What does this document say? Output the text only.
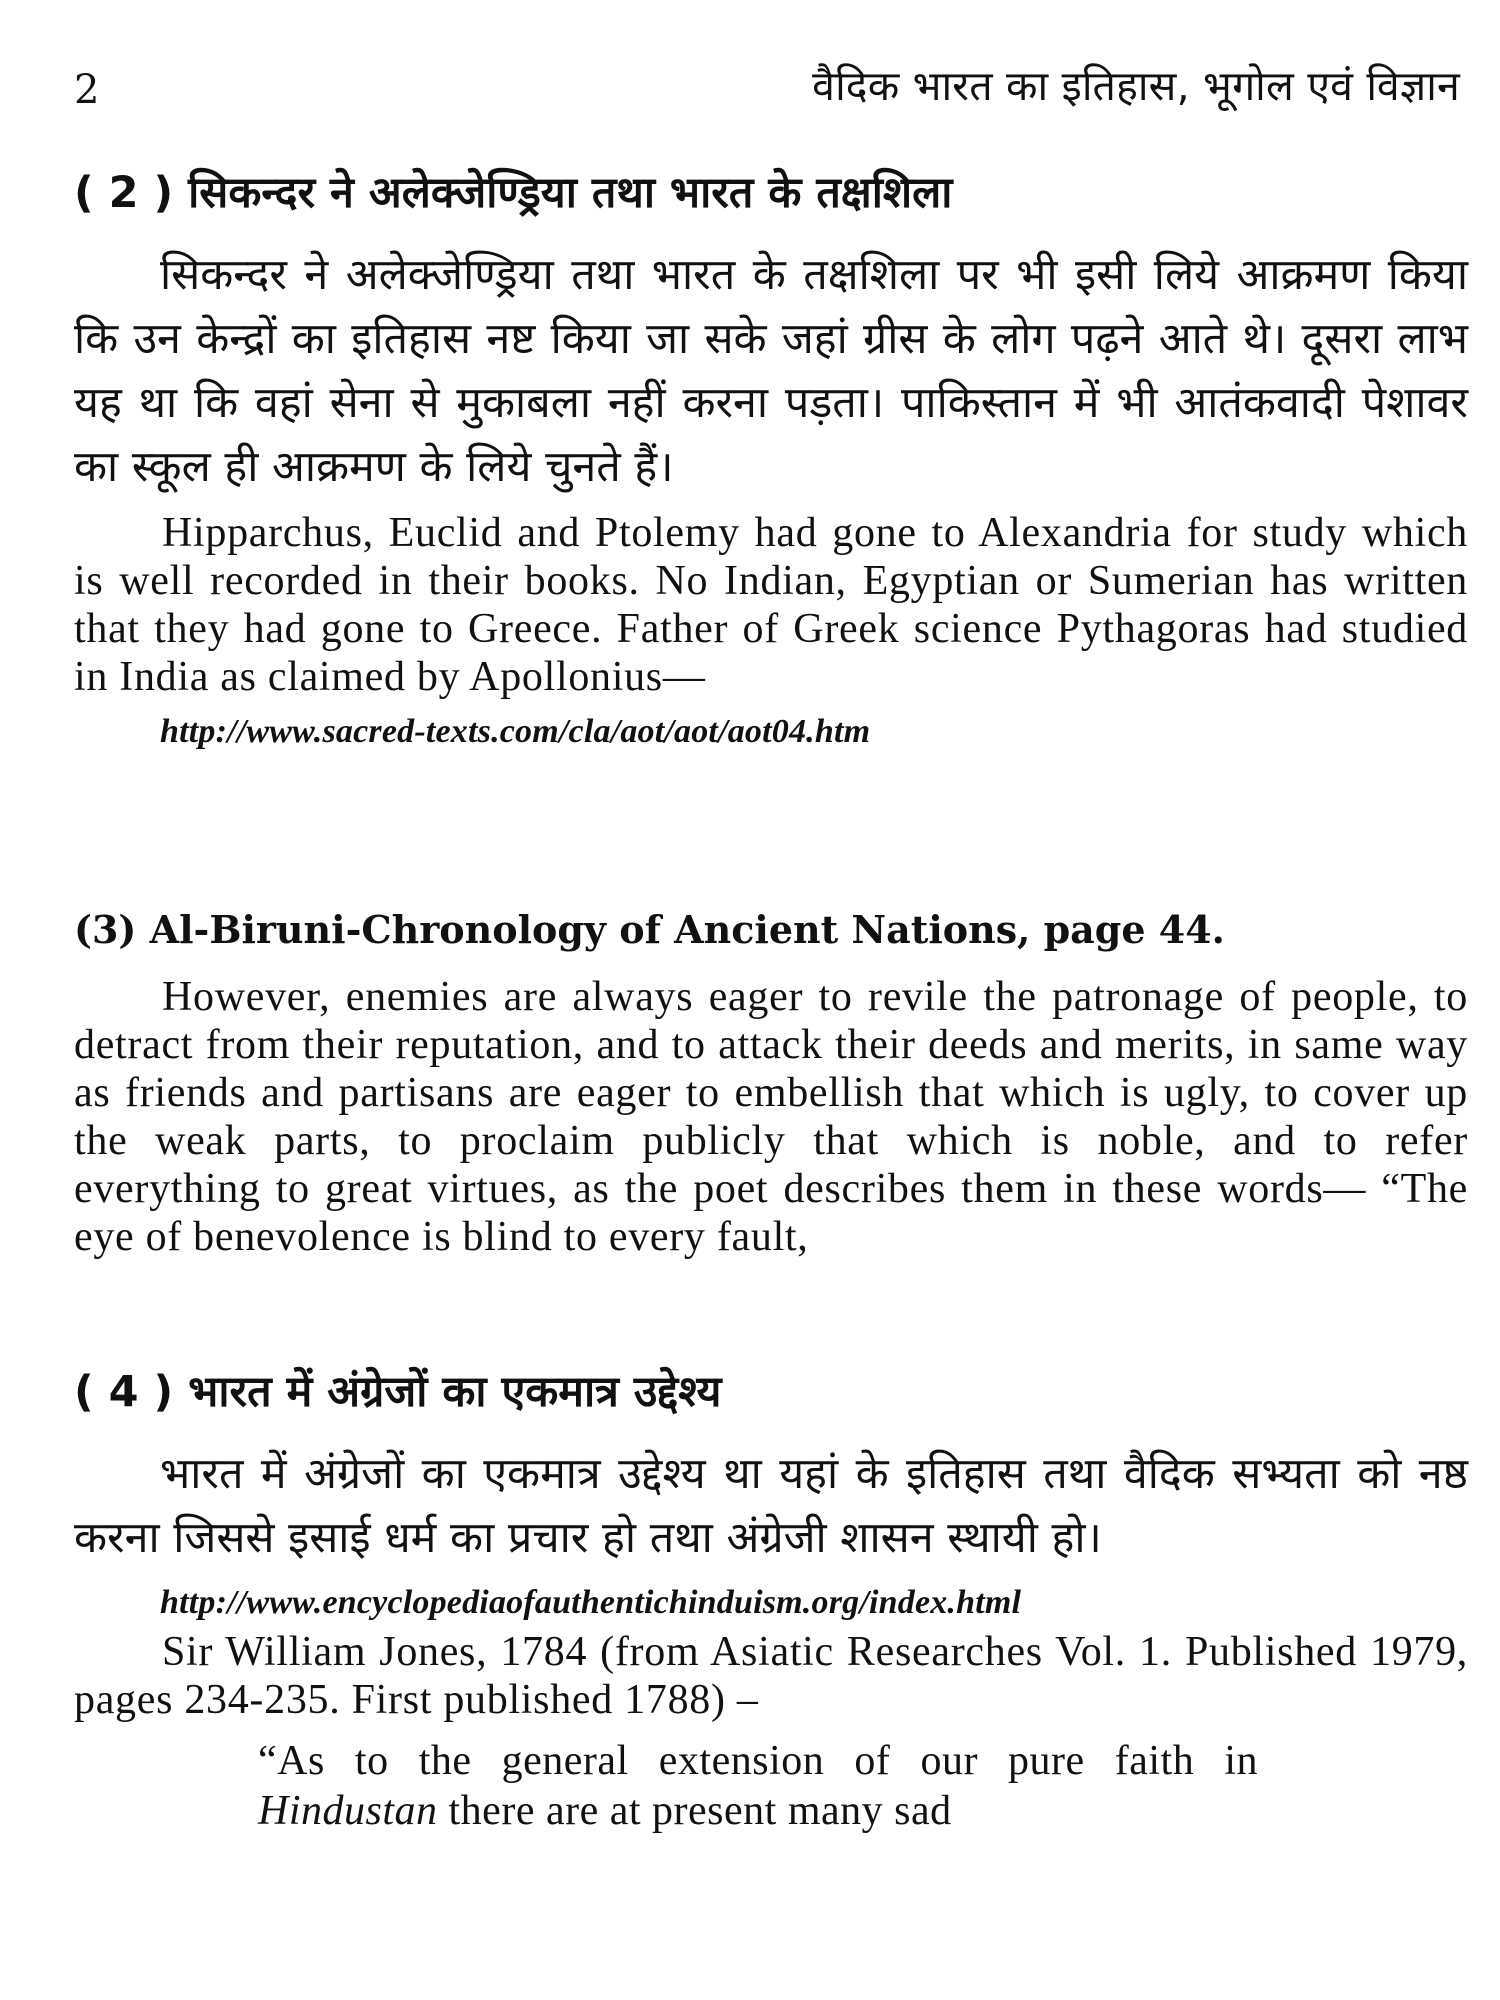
2	वैदिक भारत का इतिहास, भूगोल एवं विज्ञान
( 2 ) सिकन्दर ने अलेक्जेण्ड्रिया तथा भारत के तक्षशिला

सिकन्दर ने अलेक्जेण्ड्रिया तथा भारत के तक्षशिला पर भी इसी लिये आक्रमण किया कि उन केन्द्रों का इतिहास नष्ट किया जा सके जहां ग्रीस के लोग पढ़ने आते थे। दूसरा लाभ यह था कि वहां सेना से मुकाबला नहीं करना पड़ता। पाकिस्तान में भी आतंकवादी पेशावर का स्कूल ही आक्रमण के लिये चुनते हैं।

Hipparchus, Euclid and Ptolemy had gone to Alexandria for study which is well recorded in their books. No Indian, Egyptian or Sumerian has written that they had gone to Greece. Father of Greek science Pythagoras had studied in India as claimed by Apollonius—

http://www.sacred-texts.com/cla/aot/aot/aot04.htm
(3) Al-Biruni-Chronology of Ancient Nations, page 44.

However, enemies are always eager to revile the patronage of people, to detract from their reputation, and to attack their deeds and merits, in same way as friends and partisans are eager to embellish that which is ugly, to cover up the weak parts, to proclaim publicly that which is noble, and to refer everything to great virtues, as the poet describes them in these words— “The eye of benevolence is blind to every fault,

( 4 ) भारत में अंग्रेजों का एकमात्र उद्देश्य

भारत में अंग्रेजों का एकमात्र उद्देश्य था यहां के इतिहास तथा वैदिक सभ्यता को नष्ठ करना जिससे इसाई धर्म का प्रचार हो तथा अंग्रेजी शासन स्थायी हो।

http://www.encyclopediaofauthentichinduism.org/index.html

Sir William Jones, 1784 (from Asiatic Researches Vol. 1. Published 1979, pages 234-235. First published 1788) –

“As to the general extension of our pure faith in Hindustan there are at present many sad
